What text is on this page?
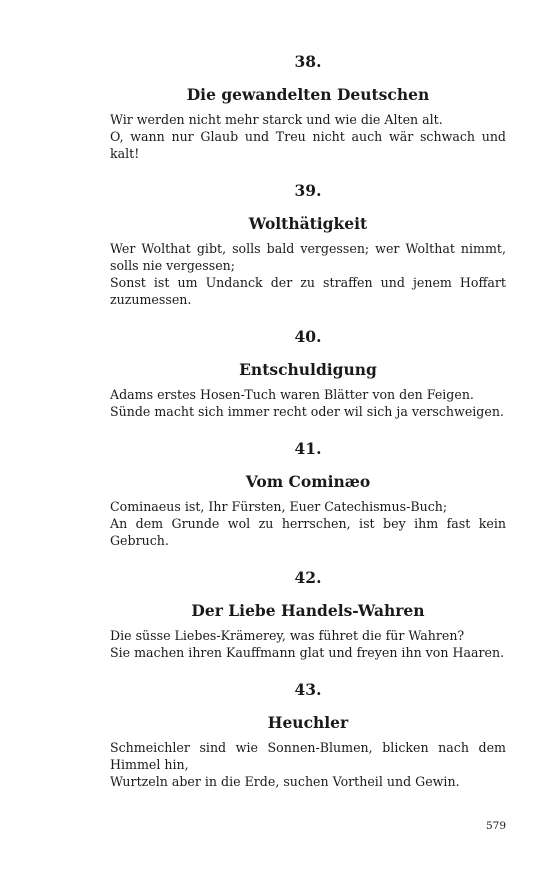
38.
Die gewandelten Deutschen
Wir werden nicht mehr starck und wie die Alten alt.
O, wann nur Glaub und Treu nicht auch wär schwach und kalt!
39.
Wolthätigkeit
Wer Wolthat gibt, solls bald vergessen; wer Wolthat nimmt, solls nie vergessen;
Sonst ist um Undanck der zu straffen und jenem Hoffart zuzumessen.
40.
Entschuldigung
Adams erstes Hosen-Tuch waren Blätter von den Feigen.
Sünde macht sich immer recht oder wil sich ja verschweigen.
41.
Vom Cominæo
Cominaeus ist, Ihr Fürsten, Euer Catechismus-Buch;
An dem Grunde wol zu herrschen, ist bey ihm fast kein Gebruch.
42.
Der Liebe Handels-Wahren
Die süsse Liebes-Krämerey, was führet die für Wahren?
Sie machen ihren Kauffmann glat und freyen ihn von Haaren.
43.
Heuchler
Schmeichler sind wie Sonnen-Blumen, blicken nach dem Himmel hin,
Wurtzeln aber in die Erde, suchen Vortheil und Gewin.
579
